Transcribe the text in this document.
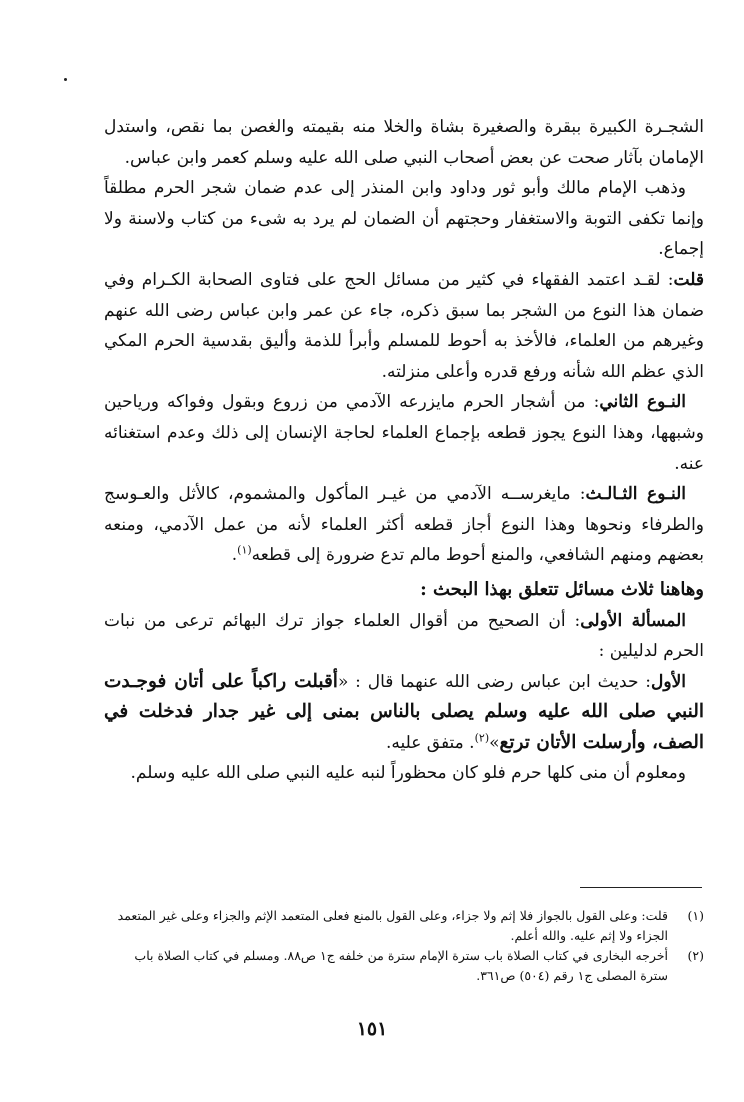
الشجـرة الكبيرة ببقرة والصغيرة بشاة والخلا منه بقيمته والغصن بما نقص، واستدل الإمامان بآثار صحت عن بعض أصحاب النبي صلى الله عليه وسلم كعمر وابن عباس.

وذهب الإمام مالك وأبو ثور وداود وابن المنذر إلى عدم ضمان شجر الحرم مطلقاً وإنما تكفى التوبة والاستغفار وحجتهم أن الضمان لم يرد به شىء من كتاب ولاسنة ولا إجماع.

قلت: لقـد اعتمد الفقهاء في كثير من مسائل الحج على فتاوى الصحابة الكـرام وفي ضمان هذا النوع من الشجر بما سبق ذكره، جاء عن عمر وابن عباس رضى الله عنهم وغيرهم من العلماء، فالأخذ به أحوط للمسلم وأبرأ للذمة وأليق بقدسية الحرم المكي الذي عظم الله شأنه ورفع قدره وأعلى منزلته.

النـوع الثاني: من أشجار الحرم مايزرعه الآدمي من زروع وبقول وفواكه ورياحين وشبهها، وهذا النوع يجوز قطعه بإجماع العلماء لحاجة الإنسان إلى ذلك وعدم استغنائه عنه.

النـوع الثـالـث: مايغرســه الآدمي من غيـر المأكول والمشموم، كالأثل والعـوسج والطرفاء ونحوها وهذا النوع أجاز قطعه أكثر العلماء لأنه من عمل الآدمي، ومنعه بعضهم ومنهم الشافعي، والمنع أحوط مالم تدع ضرورة إلى قطعه$^{(١)}$.

وهاهنا ثلاث مسائل تتعلق بهذا البحث :

المسألة الأولى: أن الصحيح من أقوال العلماء جواز ترك البهائم ترعى من نبات الحرم لدليلين :

الأول: حديث ابن عباس رضى الله عنهما قال : «أقبلت راكباً على أتان فوجـدت النبي صلى الله عليه وسلم يصلى بالناس بمنى إلى غير جدار فدخلت في الصف، وأرسلت الأتان ترتع»$^{(٢)}$. متفق عليه.

ومعلوم أن منى كلها حرم فلو كان محظوراً لنبه عليه النبي صلى الله عليه وسلم.

(١)
قلت: وعلى القول بالجواز فلا إثم ولا جزاء، وعلى القول بالمنع فعلى المتعمد الإثم والجزاء وعلى غير المتعمد الجزاء ولا إثم عليه. والله أعلم.
(٢)
أخرجه البخارى في كتاب الصلاة باب سترة الإمام سترة من خلفه ج١ ص٨٨. ومسلم في كتاب الصلاة باب سترة المصلى ج١ رقم (٥٠٤) ص٣٦١.
١٥١
